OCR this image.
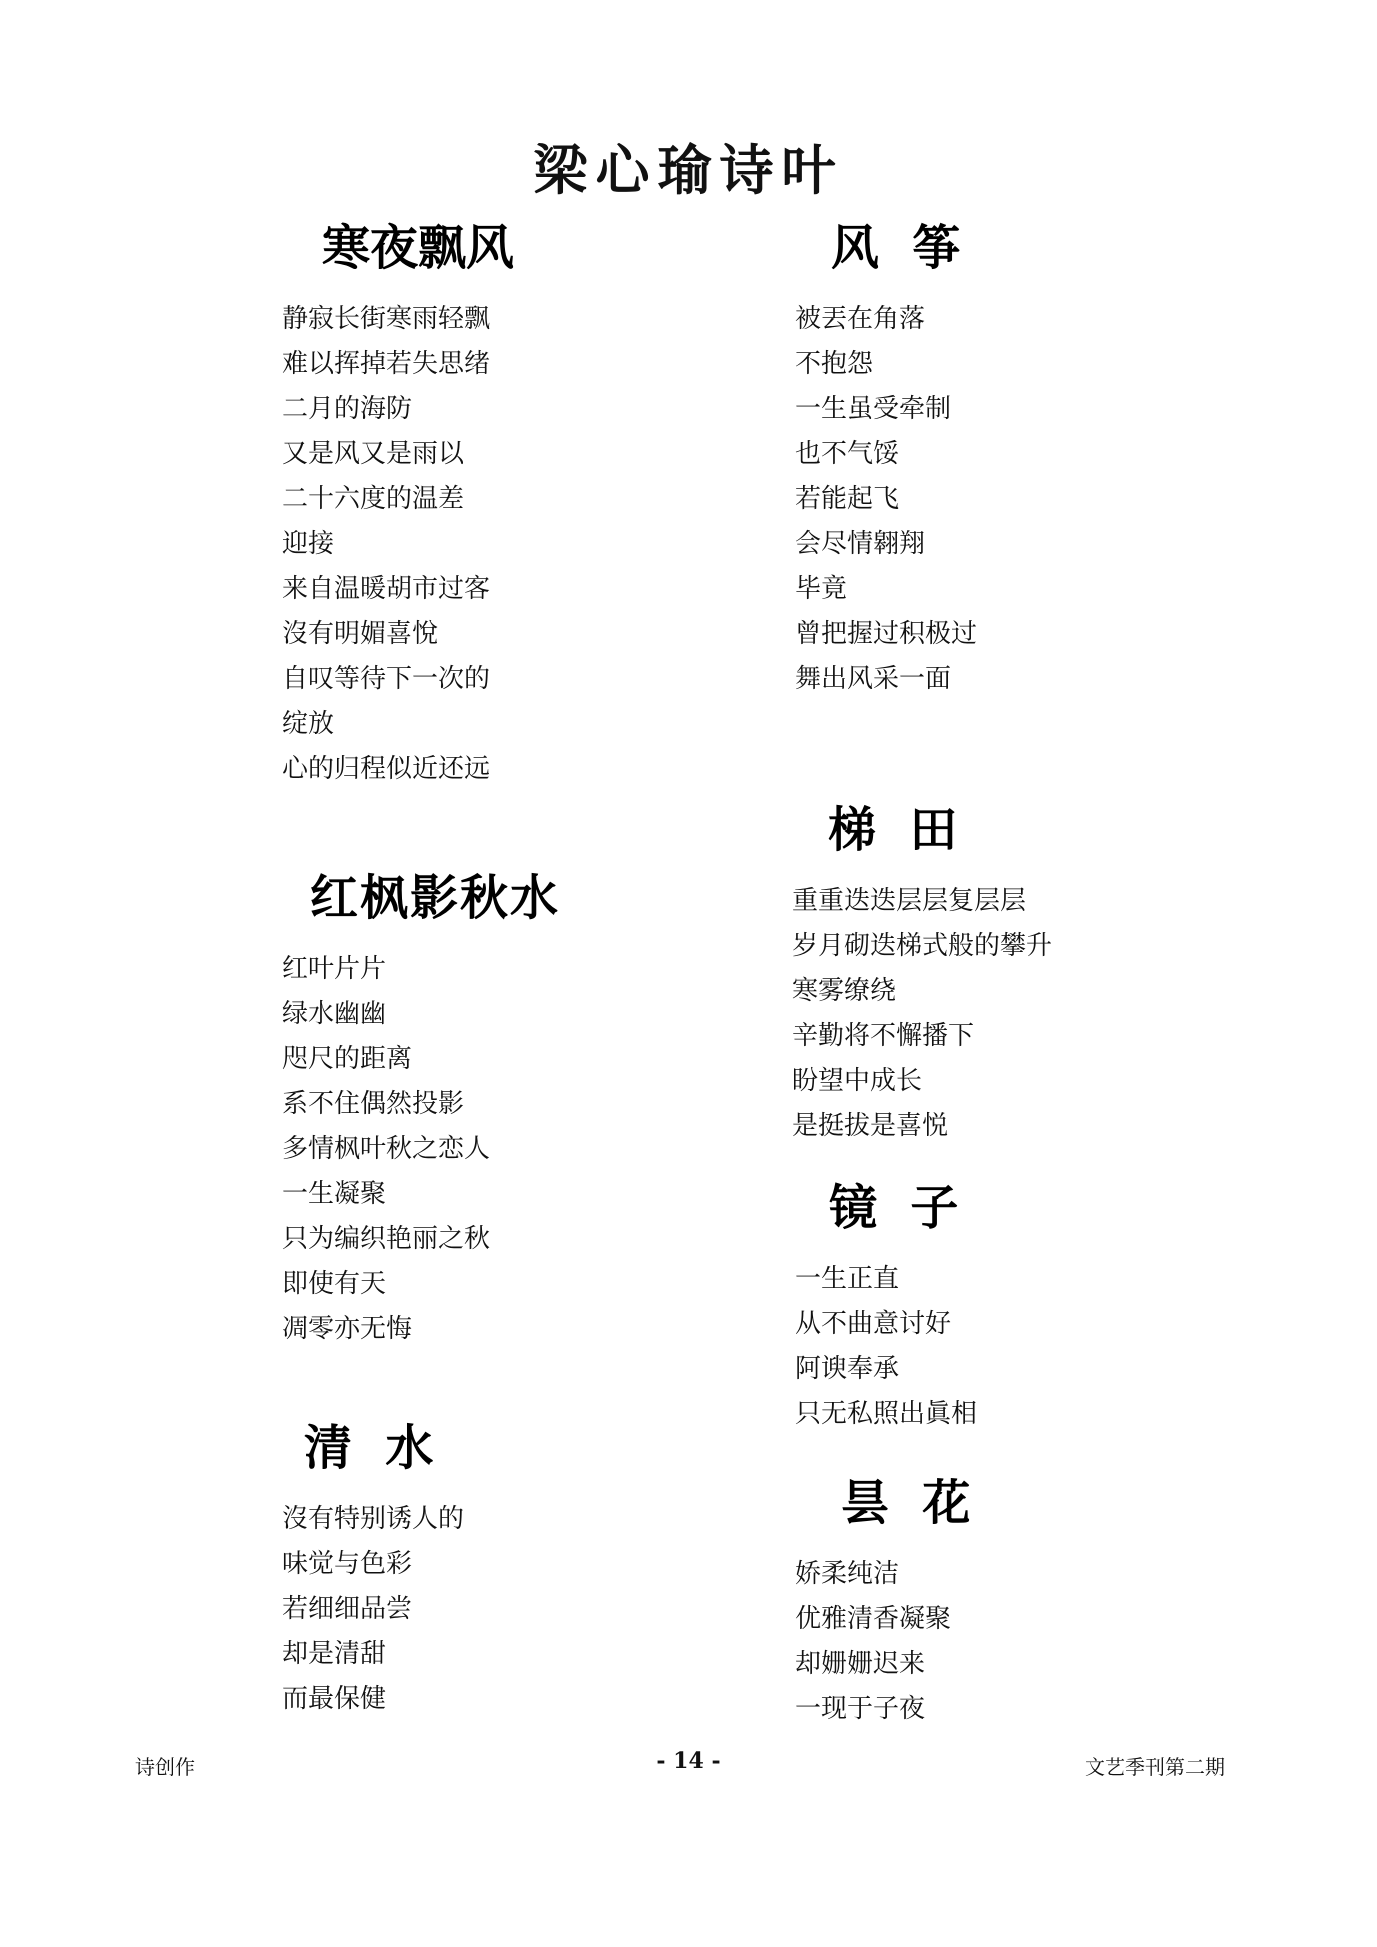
梁心瑜诗叶
寒夜飘风
静寂长街寒雨轻飘
难以挥掉若失思绪
二月的海防
又是风又是雨以
二十六度的温差
迎接
来自温暖胡市过客
沒有明媚喜悅
自叹等待下一次的
绽放
心的归程似近还远
红枫影秋水
红叶片片
绿水幽幽
咫尺的距离
系不住偶然投影
多情枫叶秋之恋人
一生凝聚
只为编织艳丽之秋
即使有天
凋零亦无悔
清  水
沒有特别诱人的
味觉与色彩
若细细品尝
却是清甜
而最保健
风  筝
被丟在角落
不抱怨
一生虽受牵制
也不气馁
若能起飞
会尽情翱翔
毕竟
曾把握过积极过
舞出风采一面
梯  田
重重迭迭层层复层层
岁月砌迭梯式般的攀升
寒雾缭绕
辛勤将不懈播下
盼望中成长
是挺拔是喜悦
镜  子
一生正直
从不曲意讨好
阿谀奉承
只无私照出眞相
昙  花
娇柔纯洁
优雅清香凝聚
却姗姗迟来
一现于子夜
诗创作	- 14 -	文艺季刊第二期
